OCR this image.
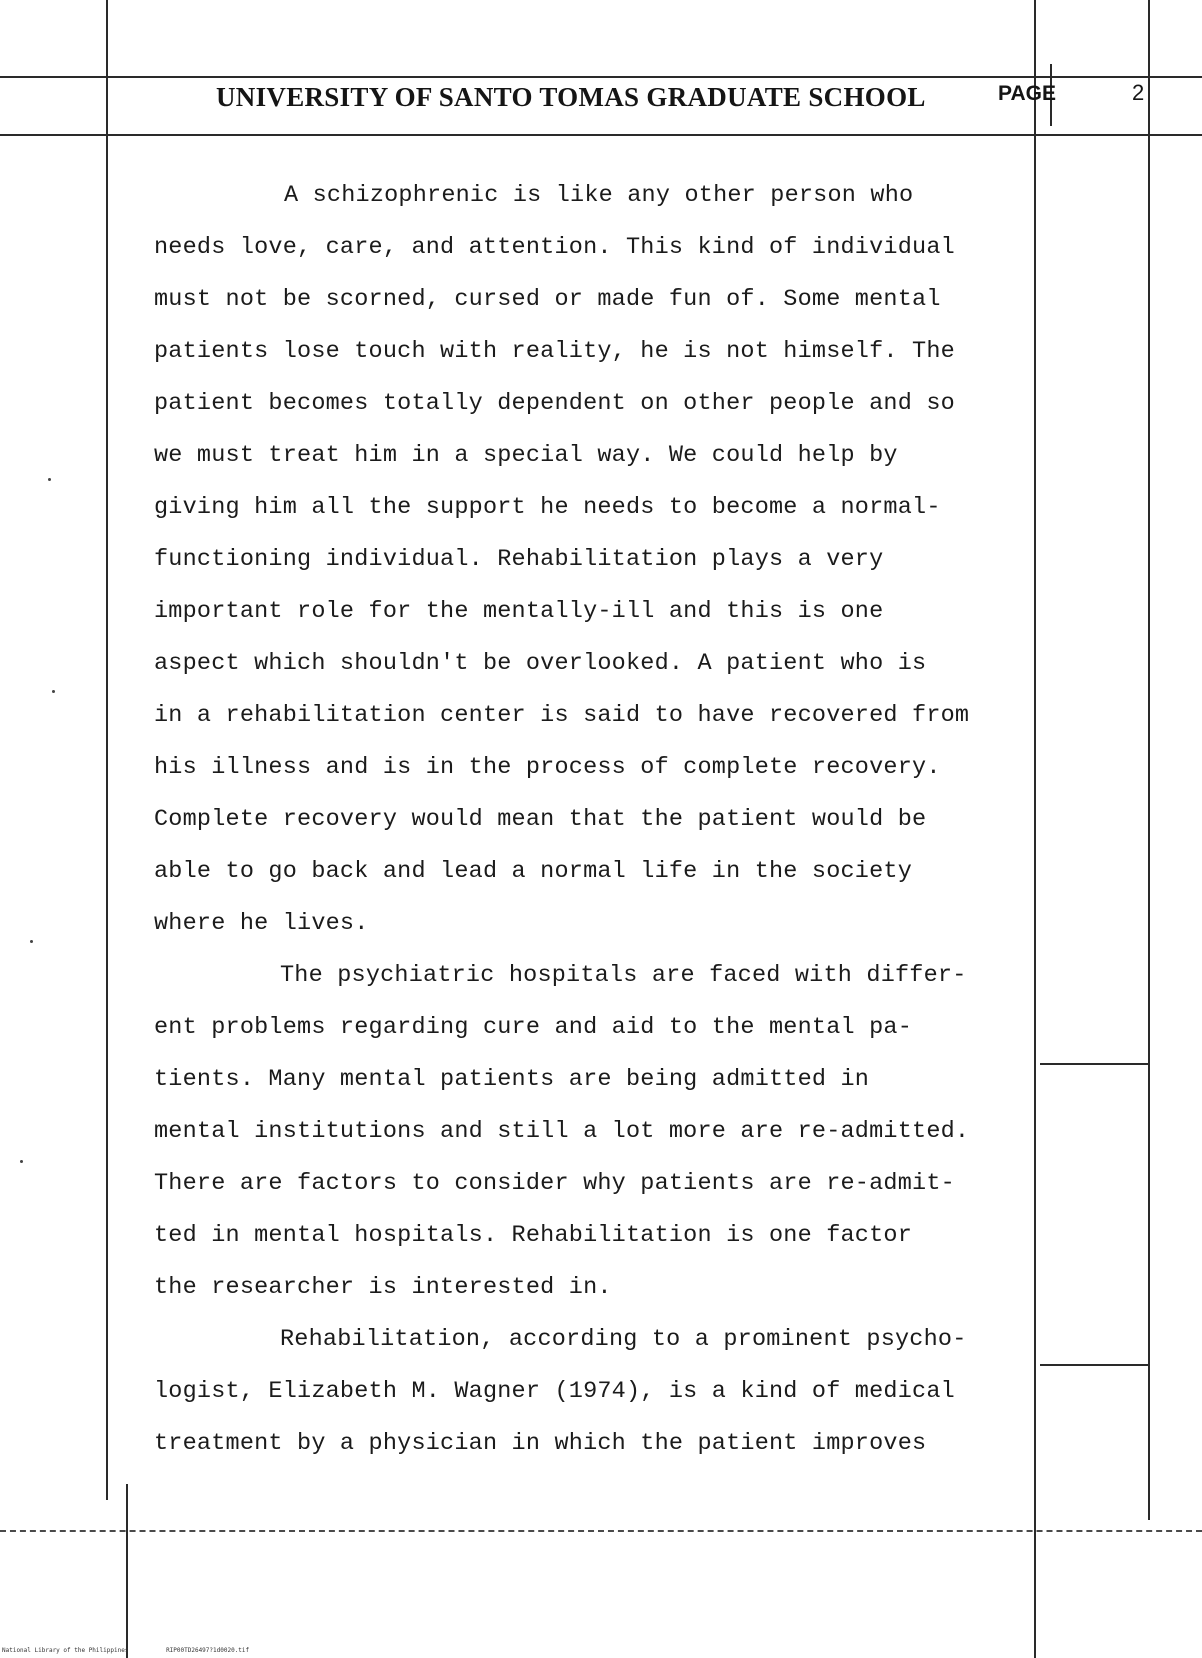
UNIVERSITY OF SANTO TOMAS GRADUATE SCHOOL	PAGE	2
A schizophrenic is like any other person who
needs love, care, and attention. This kind of individual
must not be scorned, cursed or made fun of. Some mental
patients lose touch with reality, he is not himself. The
patient becomes totally dependent on other people and so
we must treat him in a special way. We could help by
giving him all the support he needs to become a normal-
functioning individual. Rehabilitation plays a very
important role for the mentally-ill and this is one
aspect which shouldn't be overlooked. A patient who is
in a rehabilitation center is said to have recovered from
his illness and is in the process of complete recovery.
Complete recovery would mean that the patient would be
able to go back and lead a normal life in the society
where he lives.
The psychiatric hospitals are faced with differ-
ent problems regarding cure and aid to the mental pa-
tients. Many mental patients are being admitted in
mental institutions and still a lot more are re-admitted.
There are factors to consider why patients are re-admit-
ted in mental hospitals. Rehabilitation is one factor
the researcher is interested in.
Rehabilitation, according to a prominent psycho-
logist, Elizabeth M. Wagner (1974), is a kind of medical
treatment by a physician in which the patient improves
National Library of the Philippines	RIP00TD26497?1d0020.tif
